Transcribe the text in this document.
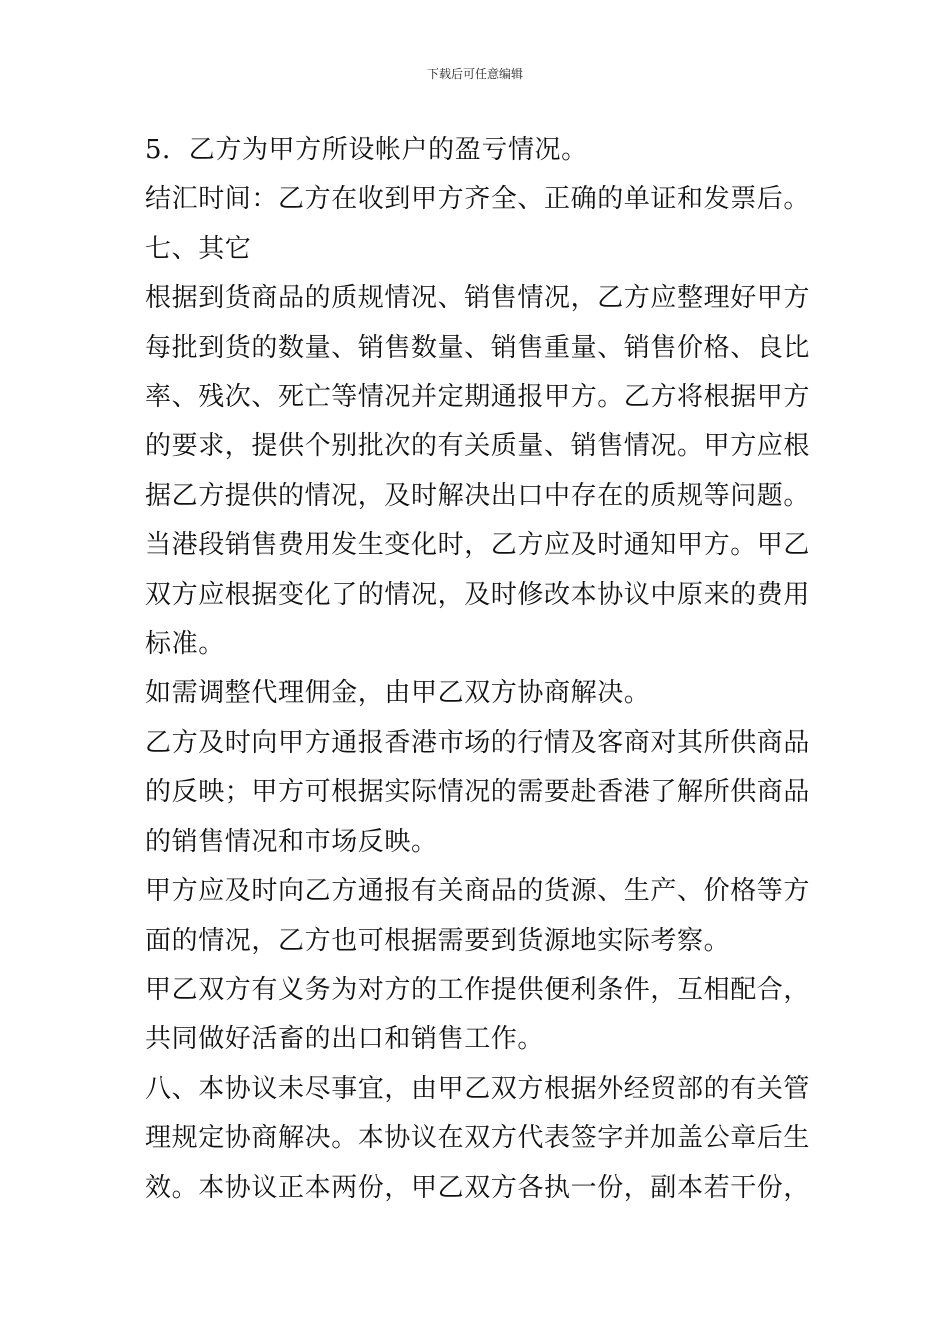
下载后可任意编辑

5．乙方为甲方所设帐户的盈亏情况。

结汇时间：乙方在收到甲方齐全、正确的单证和发票后。

七、其它

根据到货商品的质规情况、销售情况，乙方应整理好甲方每批到货的数量、销售数量、销售重量、销售价格、良比率、残次、死亡等情况并定期通报甲方。乙方将根据甲方的要求，提供个别批次的有关质量、销售情况。甲方应根据乙方提供的情况，及时解决出口中存在的质规等问题。

当港段销售费用发生变化时，乙方应及时通知甲方。甲乙双方应根据变化了的情况，及时修改本协议中原来的费用标准。

如需调整代理佣金，由甲乙双方协商解决。

乙方及时向甲方通报香港市场的行情及客商对其所供商品的反映；甲方可根据实际情况的需要赴香港了解所供商品的销售情况和市场反映。

甲方应及时向乙方通报有关商品的货源、生产、价格等方面的情况，乙方也可根据需要到货源地实际考察。

甲乙双方有义务为对方的工作提供便利条件，互相配合，共同做好活畜的出口和销售工作。

八、本协议未尽事宜，由甲乙双方根据外经贸部的有关管理规定协商解决。本协议在双方代表签字并加盖公章后生效。本协议正本两份，甲乙双方各执一份，副本若干份，
